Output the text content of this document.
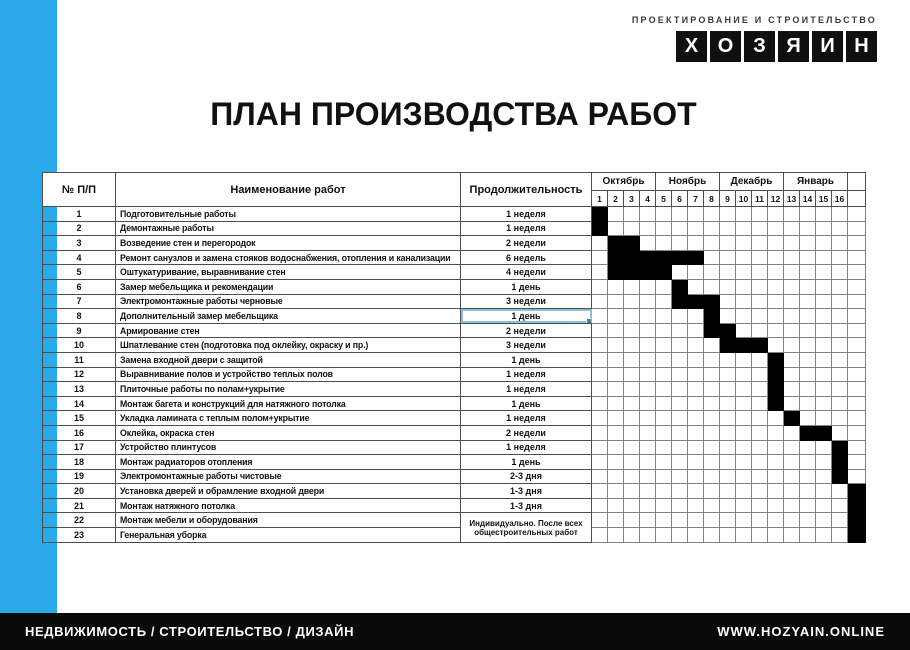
ПРОЕКТИРОВАНИЕ И СТРОИТЕЛЬСТВО
Х О З	Я И Н
ПЛАН ПРОИЗВОДСТВА РАБОТ
№ П/П	Наименование работ	Продолжительность	Октябрь				Ноябрь				Декабрь				Январь				
			1	2	3	4	5	6	7	8	9	10	11	12	13	14	15	16	
1	Подготовительные работы	1 неделя																	
2	Демонтажные работы	1 неделя																	
3	Возведение стен и перегородок	2 недели																	
4	Ремонт санузлов и замена стояков водоснабжения, отопления и канализации	6 недель																	
5	Оштукатуривание, выравнивание стен	4 недели																	
6	Замер мебельщика и рекомендации	1 день																	
7	Электромонтажные работы черновые	3 недели																	
8	Дополнительный замер мебельщика	1 день

9	Армирование стен	2 недели																	
10	Шпатлевание стен (подготовка под оклейку, окраску и пр.)	3 недели																	
11	Замена входной двери с защитой	1 день																	
12	Выравнивание полов и устройство теплых полов	1 неделя																	
13	Плиточные работы по полам+укрытие	1 неделя																	
14	Монтаж багета и конструкций для натяжного потолка	1 день																	
15	Укладка ламината с теплым полом+укрытие	1 неделя																	
16	Оклейка, окраска стен	2 недели																	
17	Устройство плинтусов	1 неделя																	
18	Монтаж радиаторов отопления	1 день																	
19	Электромонтажные работы чистовые	2-3 дня																	
20	Установка дверей и обрамление входной двери	1-3 дня																	
21	Монтаж натяжного потолка	1-3 дня																	
22	Монтаж мебели и оборудования	Индивидуально. После всех общестроительных работ																	
23	Генеральная уборка																		
НЕДВИЖИМОСТЬ / СТРОИТЕЛЬСТВО / ДИЗАЙН	WWW.HOZYAIN.ONLINE
